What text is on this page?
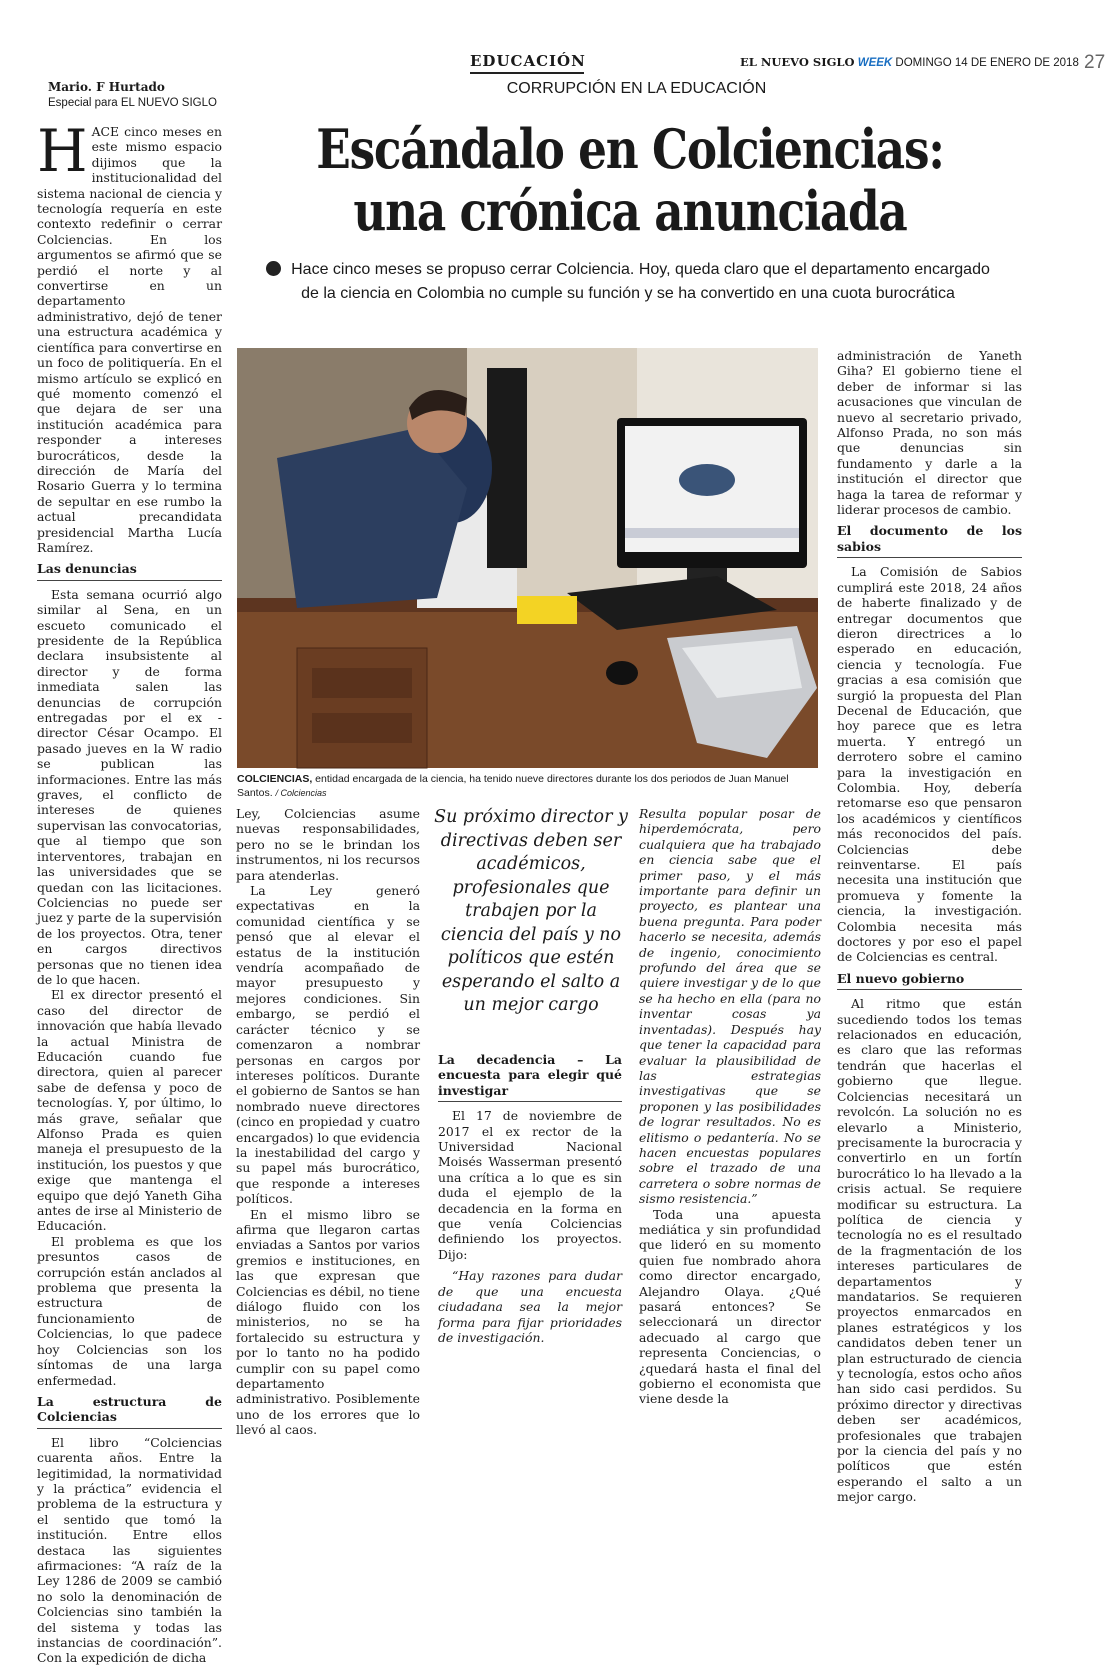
EDUCACIÓN	EL NUEVO SIGLO WEEK DOMINGO 14 DE ENERO DE 2018 27
CORRUPCIÓN EN LA EDUCACIÓN
Mario. F Hurtado
Especial para EL NUEVO SIGLO
Escándalo en Colciencias:
una crónica anunciada
Hace cinco meses se propuso cerrar Colciencia. Hoy, queda claro que el departamento encargado de la ciencia en Colombia no cumple su función y se ha convertido en una cuota burocrática

HACE cinco meses en este mismo espacio dijimos que la institucionalidad del sistema nacional de ciencia y tecnología requería en este contexto redefinir o cerrar Colciencias. En los argumentos se afirmó que se perdió el norte y al convertirse en un departamento administrativo, dejó de tener una estructura académica y científica para convertirse en un foco de politiquería. En el mismo artículo se explicó en qué momento comenzó el que dejara de ser una institución académica para responder a intereses burocráticos, desde la dirección de María del Rosario Guerra y lo termina de sepultar en ese rumbo la actual precandidata presidencial Martha Lucía Ramírez.

Las denuncias

Esta semana ocurrió algo similar al Sena, en un escueto comunicado el presidente de la República declara insubsistente al director y de forma inmediata salen las denuncias de corrupción entregadas por el ex -director César Ocampo. El pasado jueves en la W radio se publican las informaciones. Entre las más graves, el conflicto de intereses de quienes supervisan las convocatorias, que al tiempo que son interventores, trabajan en las universidades que se quedan con las licitaciones. Colciencias no puede ser juez y parte de la supervisión de los proyectos. Otra, tener en cargos directivos personas que no tienen idea de lo que hacen.

El ex director presentó el caso del director de innovación que había llevado la actual Ministra de Educación cuando fue directora, quien al parecer sabe de defensa y poco de tecnologías. Y, por último, lo más grave, señalar que Alfonso Prada es quien maneja el presupuesto de la institución, los puestos y que exige que mantenga el equipo que dejó Yaneth Giha antes de irse al Ministerio de Educación.

El problema es que los presuntos casos de corrupción están anclados al problema que presenta la estructura de funcionamiento de Colciencias, lo que padece hoy Colciencias son los síntomas de una larga enfermedad.

La estructura de Colciencias

El libro “Colciencias cuarenta años. Entre la legitimidad, la normatividad y la práctica” evidencia el problema de la estructura y el sentido que tomó la institución. Entre ellos destaca las siguientes afirmaciones: “A raíz de la Ley 1286 de 2009 se cambió no solo la denominación de Colciencias sino también la del sistema y todas las instancias de coordinación”. Con la expedición de dicha

COLCIENCIAS, entidad encargada de la ciencia, ha tenido nueve directores durante los dos periodos de Juan Manuel Santos. / Colciencias

Ley, Colciencias asume nuevas responsabilidades, pero no se le brindan los instrumentos, ni los recursos para atenderlas.

La Ley generó expectativas en la comunidad científica y se pensó que al elevar el estatus de la institución vendría acompañado de mayor presupuesto y mejores condiciones. Sin embargo, se perdió el carácter técnico y se comenzaron a nombrar personas en cargos por intereses políticos. Durante el gobierno de Santos se han nombrado nueve directores (cinco en propiedad y cuatro encargados) lo que evidencia la inestabilidad del cargo y su papel más burocrático, que responde a intereses políticos.

En el mismo libro se afirma que llegaron cartas enviadas a Santos por varios gremios e instituciones, en las que expresan que Colciencias es débil, no tiene diálogo fluido con los ministerios, no se ha fortalecido su estructura y por lo tanto no ha podido cumplir con su papel como departamento administrativo. Posiblemente uno de los errores que lo llevó al caos.

Su próximo director y directivas deben ser académicos, profesionales que trabajen por la ciencia del país y no políticos que estén esperando el salto a un mejor cargo
La decadencia – La encuesta para elegir qué investigar

El 17 de noviembre de 2017 el ex rector de la Universidad Nacional Moisés Wasserman presentó una crítica a lo que es sin duda el ejemplo de la decadencia en la forma en que venía Colciencias definiendo los proyectos. Dijo:

“Hay razones para dudar de que una encuesta ciudadana sea la mejor forma para fijar prioridades de investigación.

Resulta popular posar de hiperdemócrata, pero cualquiera que ha trabajado en ciencia sabe que el primer paso, y el más importante para definir un proyecto, es plantear una buena pregunta. Para poder hacerlo se necesita, además de ingenio, conocimiento profundo del área que se quiere investigar y de lo que se ha hecho en ella (para no inventar cosas ya inventadas). Después hay que tener la capacidad para evaluar la plausibilidad de las estrategias investigativas que se proponen y las posibilidades de lograr resultados. No es elitismo o pedantería. No se hacen encuestas populares sobre el trazado de una carretera o sobre normas de sismo resistencia.”

Toda una apuesta mediática y sin profundidad que lideró en su momento quien fue nombrado ahora como director encargado, Alejandro Olaya. ¿Qué pasará entonces? Se seleccionará un director adecuado al cargo que representa Conciencias, o ¿quedará hasta el final del gobierno el economista que viene desde la

administración de Yaneth Giha? El gobierno tiene el deber de informar si las acusaciones que vinculan de nuevo al secretario privado, Alfonso Prada, no son más que denuncias sin fundamento y darle a la institución el director que haga la tarea de reformar y liderar procesos de cambio.

El documento de los sabios

La Comisión de Sabios cumplirá este 2018, 24 años de haberte finalizado y de entregar documentos que dieron directrices a lo esperado en educación, ciencia y tecnología. Fue gracias a esa comisión que surgió la propuesta del Plan Decenal de Educación, que hoy parece que es letra muerta. Y entregó un derrotero sobre el camino para la investigación en Colombia. Hoy, debería retomarse eso que pensaron los académicos y científicos más reconocidos del país. Colciencias debe reinventarse. El país necesita una institución que promueva y fomente la ciencia, la investigación. Colombia necesita más doctores y por eso el papel de Colciencias es central.

El nuevo gobierno

Al ritmo que están sucediendo todos los temas relacionados en educación, es claro que las reformas tendrán que hacerlas el gobierno que llegue. Colciencias necesitará un revolcón. La solución no es elevarlo a Ministerio, precisamente la burocracia y convertirlo en un fortín burocrático lo ha llevado a la crisis actual. Se requiere modificar su estructura. La política de ciencia y tecnología no es el resultado de la fragmentación de los intereses particulares de departamentos y mandatarios. Se requieren proyectos enmarcados en planes estratégicos y los candidatos deben tener un plan estructurado de ciencia y tecnología, estos ocho años han sido casi perdidos. Su próximo director y directivas deben ser académicos, profesionales que trabajen por la ciencia del país y no políticos que estén esperando el salto a un mejor cargo.
